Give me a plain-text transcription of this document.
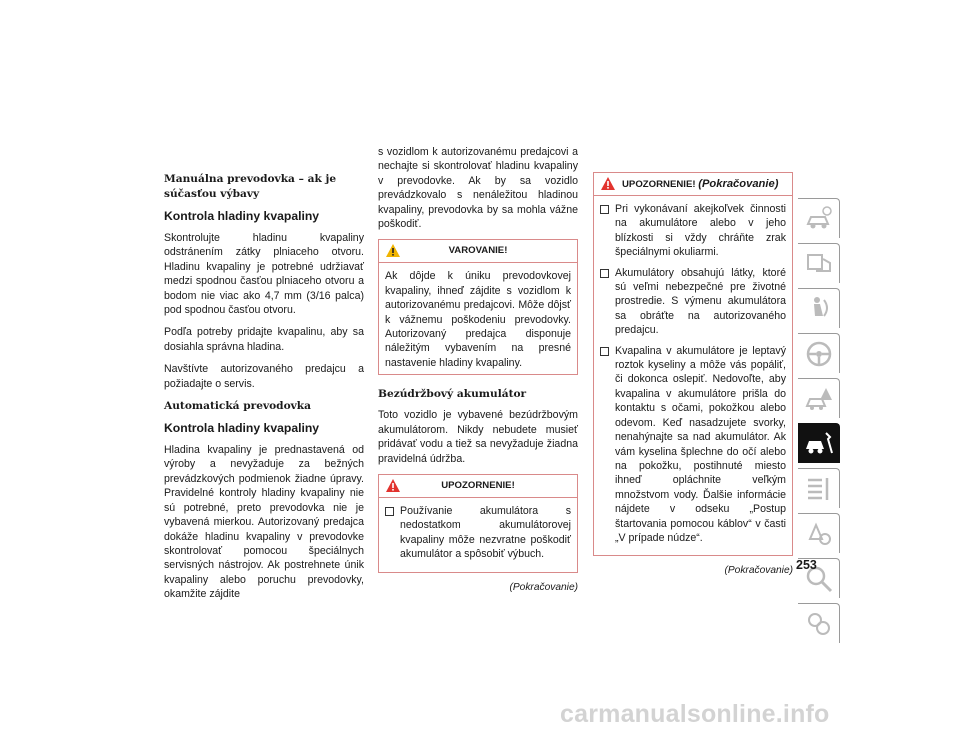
Manuálna prevodovka – ak je súčasťou výbavy
Kontrola hladiny kvapaliny

Skontrolujte hladinu kvapaliny odstránením zátky plniaceho otvoru. Hladinu kvapaliny je potrebné udržiavať medzi spodnou časťou plniaceho otvoru a bodom nie viac ako 4,7 mm (3/16 palca) pod spodnou časťou otvoru.

Podľa potreby pridajte kvapalinu, aby sa dosiahla správna hladina.

Navštívte autorizovaného predajcu a požiadajte o servis.

Automatická prevodovka
Kontrola hladiny kvapaliny

Hladina kvapaliny je prednastavená od výroby a nevyžaduje za bežných prevádzkových podmienok žiadne úpravy. Pravidelné kontroly hladiny kvapaliny nie sú potrebné, preto prevodovka nie je vybavená mierkou. Autorizovaný predajca dokáže hladinu kvapaliny v prevodovke skontrolovať pomocou špeciálnych servisných nástrojov. Ak postrehnete únik kvapaliny alebo poruchu prevodovky, okamžite zájdite

s vozidlom k autorizovanému predajcovi a nechajte si skontrolovať hladinu kvapaliny v prevodovke. Ak by sa vozidlo prevádzkovalo s nenáležitou hladinou kvapaliny, prevodovka by sa mohla vážne poškodiť.

VAROVANIE!

Ak dôjde k úniku prevodovkovej kvapaliny, ihneď zájdite s vozidlom k autorizovanému predajcovi. Môže dôjsť k vážnemu poškodeniu prevodovky. Autorizovaný predajca disponuje náležitým vybavením na presné nastavenie hladiny kvapaliny.

Bezúdržbový akumulátor

Toto vozidlo je vybavené bezúdržbovým akumulátorom. Nikdy nebudete musieť pridávať vodu a tiež sa nevyžaduje žiadna pravidelná údržba.

UPOZORNENIE!
Používanie akumulátora s nedostatkom akumulátorovej kvapaliny môže nezvratne poškodiť akumulátor a spôsobiť výbuch.
(Pokračovanie)
UPOZORNENIE! (Pokračovanie)
Pri vykonávaní akejkoľvek činnosti na akumulátore alebo v jeho blízkosti si vždy chráňte zrak špeciálnymi okuliarmi.
Akumulátory obsahujú látky, ktoré sú veľmi nebezpečné pre životné prostredie. S výmenu akumulátora sa obráťte na autorizovaného predajcu.
Kvapalina v akumulátore je leptavý roztok kyseliny a môže vás popáliť, či dokonca oslepiť. Nedovoľte, aby kvapalina v akumulátore prišla do kontaktu s očami, pokožkou alebo odevom. Keď nasadzujete svorky, nenahýnajte sa nad akumulátor. Ak vám kyselina šplechne do očí alebo na pokožku, postihnuté miesto ihneď opláchnite veľkým množstvom vody. Ďalšie informácie nájdete v odseku „Postup štartovania pomocou káblov“ v časti „V prípade núdze“.
(Pokračovanie) 253
carmanualsonline.info
